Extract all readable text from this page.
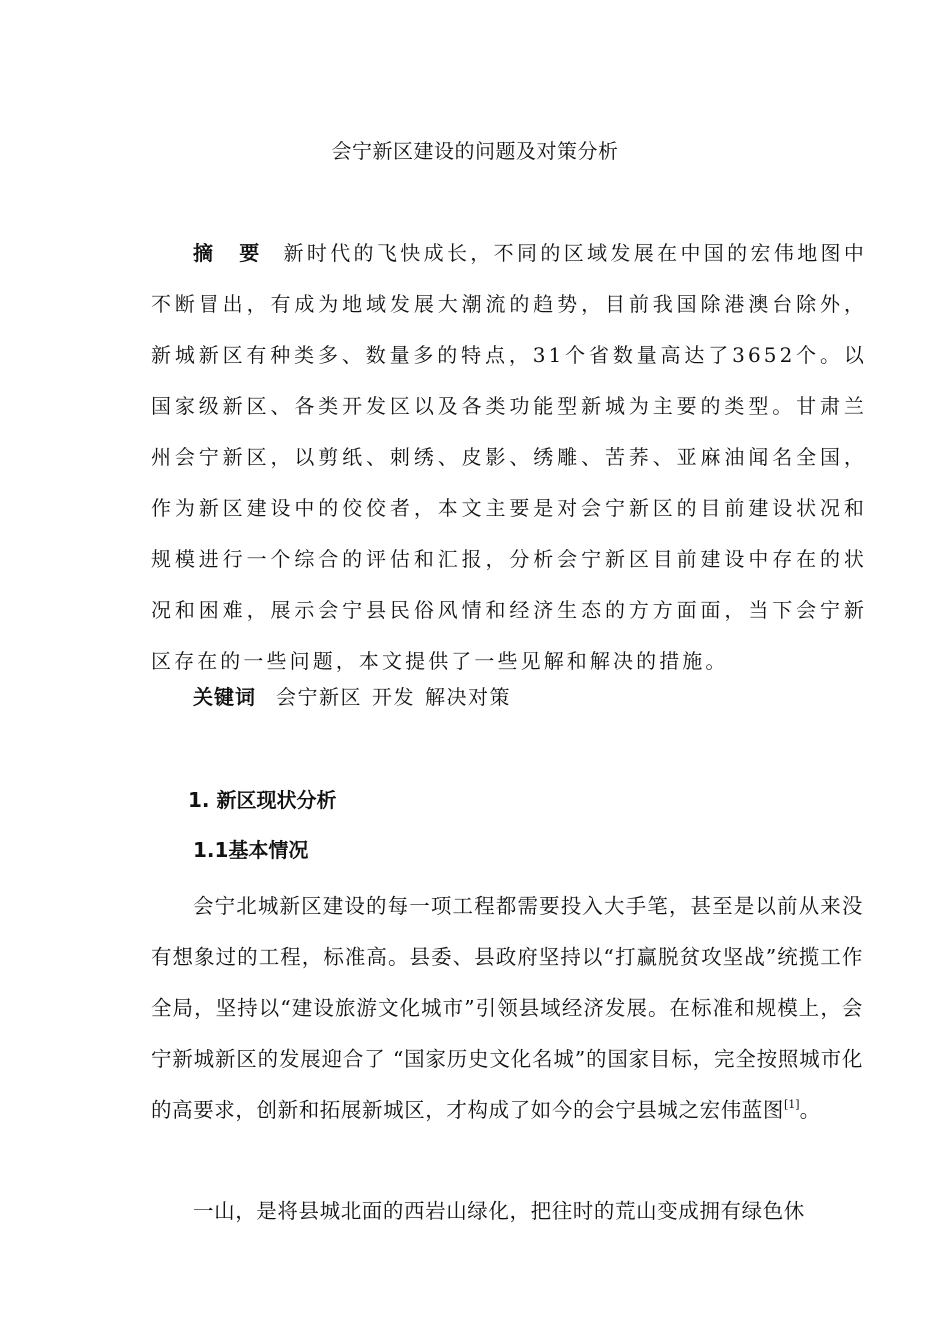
会宁新区建设的问题及对策分析

摘要新时代的飞快成长，不同的区域发展在中国的宏伟地图中不断冒出，有成为地域发展大潮流的趋势，目前我国除港澳台除外，新城新区有种类多、数量多的特点，31个省数量高达了3652个。以国家级新区、各类开发区以及各类功能型新城为主要的类型。甘肃兰州会宁新区，以剪纸、刺绣、皮影、绣雕、苦荞、亚麻油闻名全国，作为新区建设中的佼佼者，本文主要是对会宁新区的目前建设状况和规模进行一个综合的评估和汇报，分析会宁新区目前建设中存在的状况和困难，展示会宁县民俗风情和经济生态的方方面面，当下会宁新区存在的一些问题，本文提供了一些见解和解决的措施。

关键词 会宁新区 开发 解决对策
1. 新区现状分析
1.1基本情况

会宁北城新区建设的每一项工程都需要投入大手笔，甚至是以前从来没有想象过的工程，标准高。县委、县政府坚持以“打赢脱贫攻坚战”统揽工作全局，坚持以“建设旅游文化城市”引领县域经济发展。在标准和规模上，会宁新城新区的发展迎合了 “国家历史文化名城”的国家目标，完全按照城市化的高要求，创新和拓展新城区，才构成了如今的会宁县城之宏伟蓝图[1]。

一山，是将县城北面的西岩山绿化，把往时的荒山变成拥有绿色休
